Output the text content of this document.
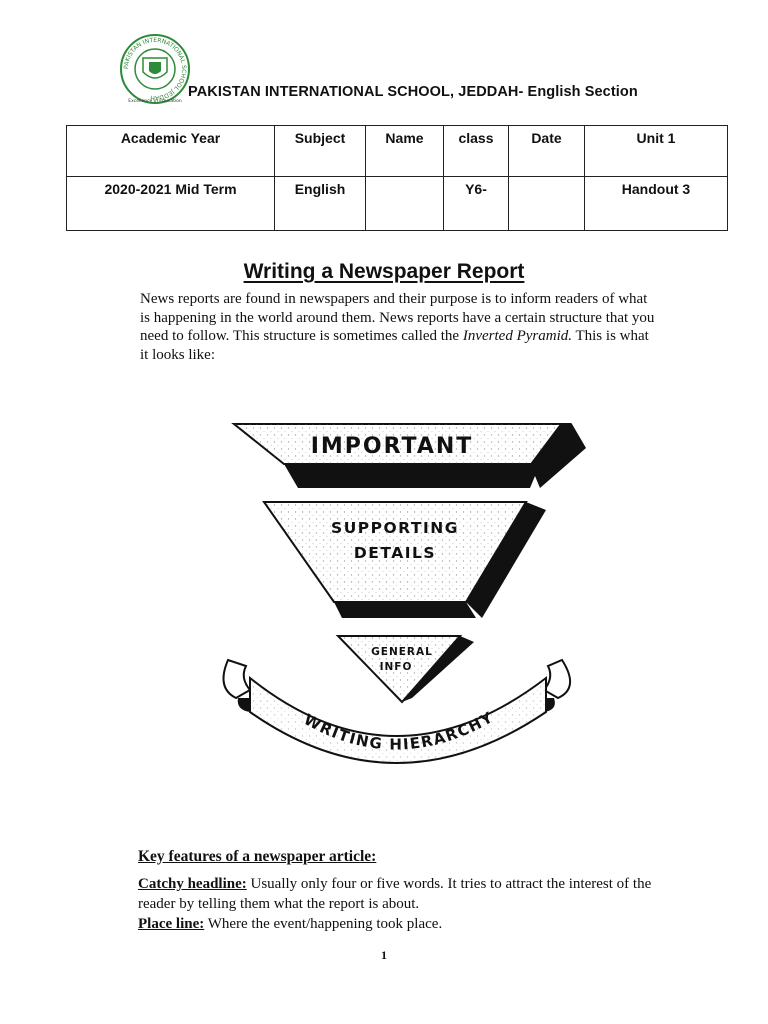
PAKISTAN INTERNATIONAL SCHOOL JEDDAH
Excellence in Education
PAKISTAN INTERNATIONAL SCHOOL, JEDDAH- English Section
Academic Year	Subject	Name	class	Date	Unit 1
2020-2021 Mid Term	English		Y6-		Handout 3
Writing a Newspaper Report
News reports are found in newspapers and their purpose is to inform readers of what is happening in the world around them. News reports have a certain structure that you need to follow. This structure is sometimes called the Inverted Pyramid. This is what it looks like:
IMPORTANT
SUPPORTING
DETAILS
GENERAL
INFO
WRITING HIERARCHY
Key features of a newspaper article:
Catchy headline: Usually only four or five words. It tries to attract the interest of the reader by telling them what the report is about.
Place line: Where the event/happening took place.
1
